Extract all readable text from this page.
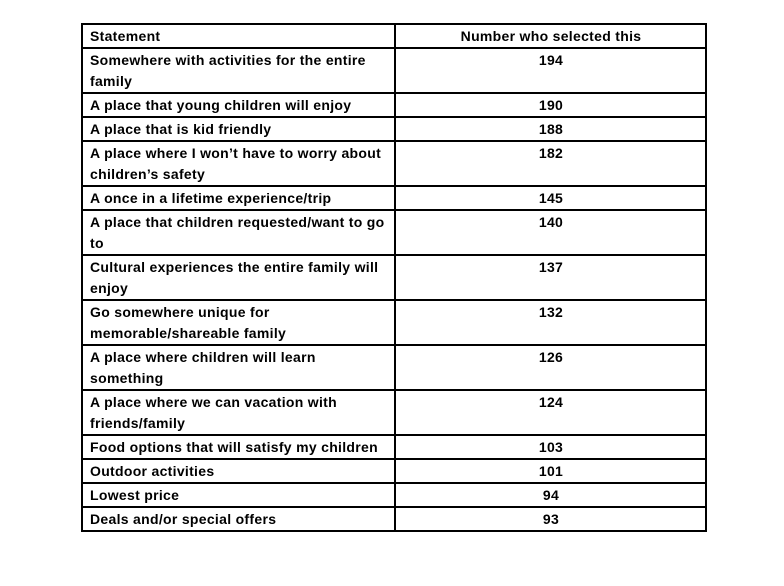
Statement	Number who selected this
Somewhere with activities for the entire family	194
A place that young children will enjoy	190
A place that is kid friendly	188
A place where I won’t have to worry about children’s safety	182
A once in a lifetime experience/trip	145
A place that children requested/want to go to	140
Cultural experiences the entire family will enjoy	137
Go somewhere unique for memorable/shareable family	132
A place where children will learn something	126
A place where we can vacation with friends/family	124
Food options that will satisfy my children	103
Outdoor activities	101
Lowest price	94
Deals and/or special offers	93
